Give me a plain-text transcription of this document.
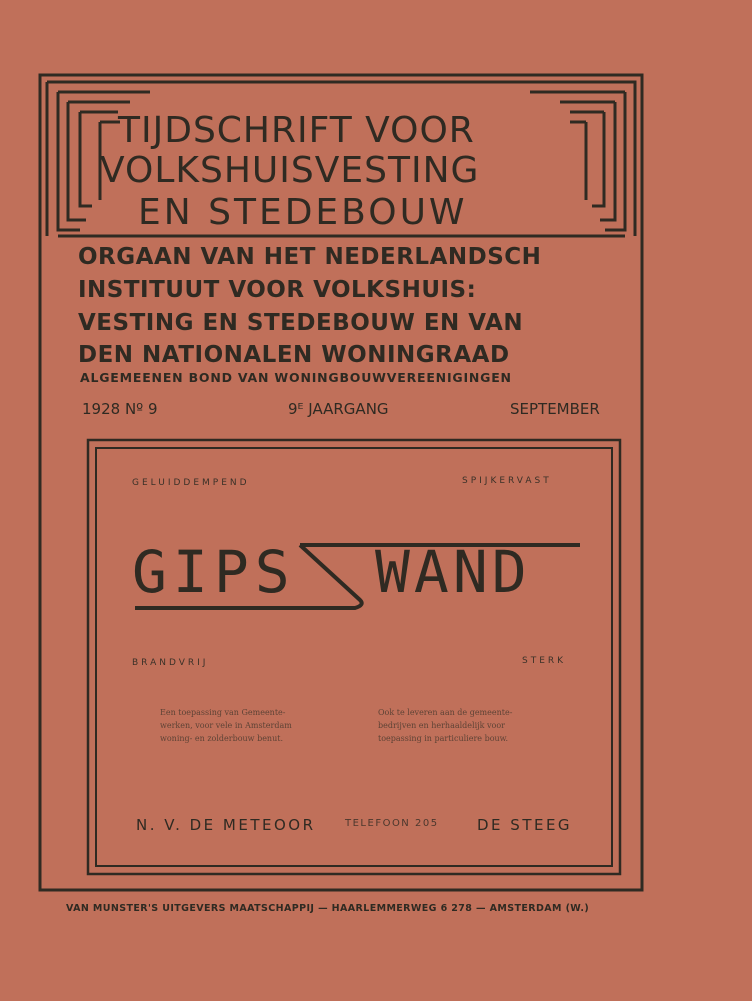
TIJDSCHRIFT VOOR
VOLKSHUISVESTING
EN STEDEBOUW
ORGAAN VAN HET NEDERLANDSCH
INSTITUUT VOOR VOLKSHUIS:
VESTING EN STEDEBOUW EN VAN
DEN NATIONALEN WONINGRAAD
ALGEMEENEN BOND VAN WONINGBOUWVEREENIGINGEN
1928 Nº 9	9ᴱ JAARGANG	SEPTEMBER
GELUIDDEMPEND	SPIJKERVAST
GIPS WAND
BRANDVRIJ	STERK
Een toepassing van Gemeente-
werken, voor vele in Amsterdam
woning- en zolderbouw benut.
Ook te leveren aan de gemeente-
bedrijven en herhaaldelijk voor
toepassing in particuliere bouw.
N. V. DE METEOOR	TELEFOON 205	DE STEEG
VAN MUNSTER'S UITGEVERS MAATSCHAPPIJ — HAARLEMMERWEG 6 278 — AMSTERDAM (W.)
